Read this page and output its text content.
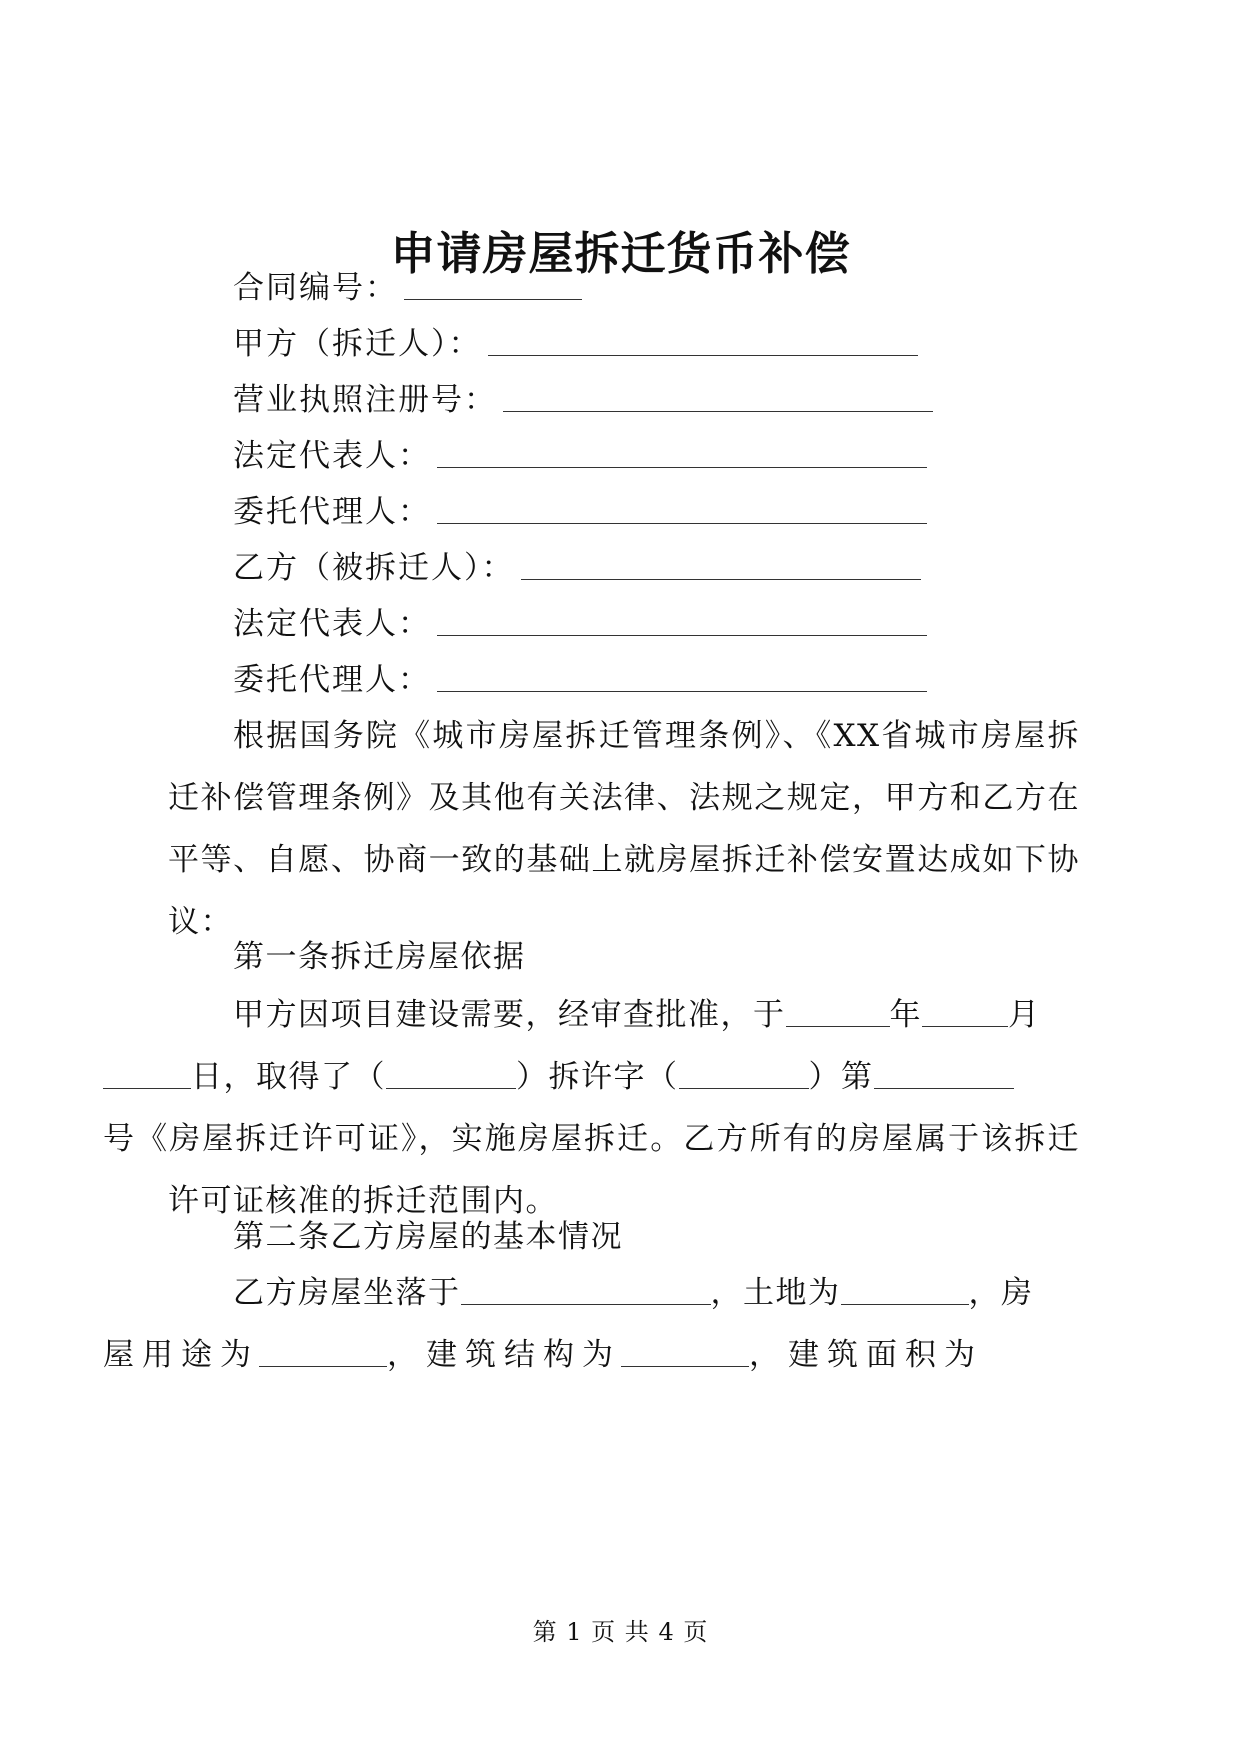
申请房屋拆迁货币补偿
合同编号：
甲方（拆迁人）：
营业执照注册号：
法定代表人：
委托代理人：
乙方（被拆迁人）：
法定代表人：
委托代理人：

根据国务院《城市房屋拆迁管理条例》、《XX省城市房屋拆迁补偿管理条例》及其他有关法律、法规之规定，甲方和乙方在平等、自愿、协商一致的基础上就房屋拆迁补偿安置达成如下协议：

第一条拆迁房屋依据
甲方因项目建设需要，经审查批准，于	年	月
日，取得了（	）拆许字（	）第
号《房屋拆迁许可证》，实施房屋拆迁。乙方所有的房屋属于该拆迁许可证核准的拆迁范围内。
第二条乙方房屋的基本情况
乙方房屋坐落于	，土地为	，房
屋用途为	，建筑结构为	，建筑面积为
第 1 页 共 4 页
